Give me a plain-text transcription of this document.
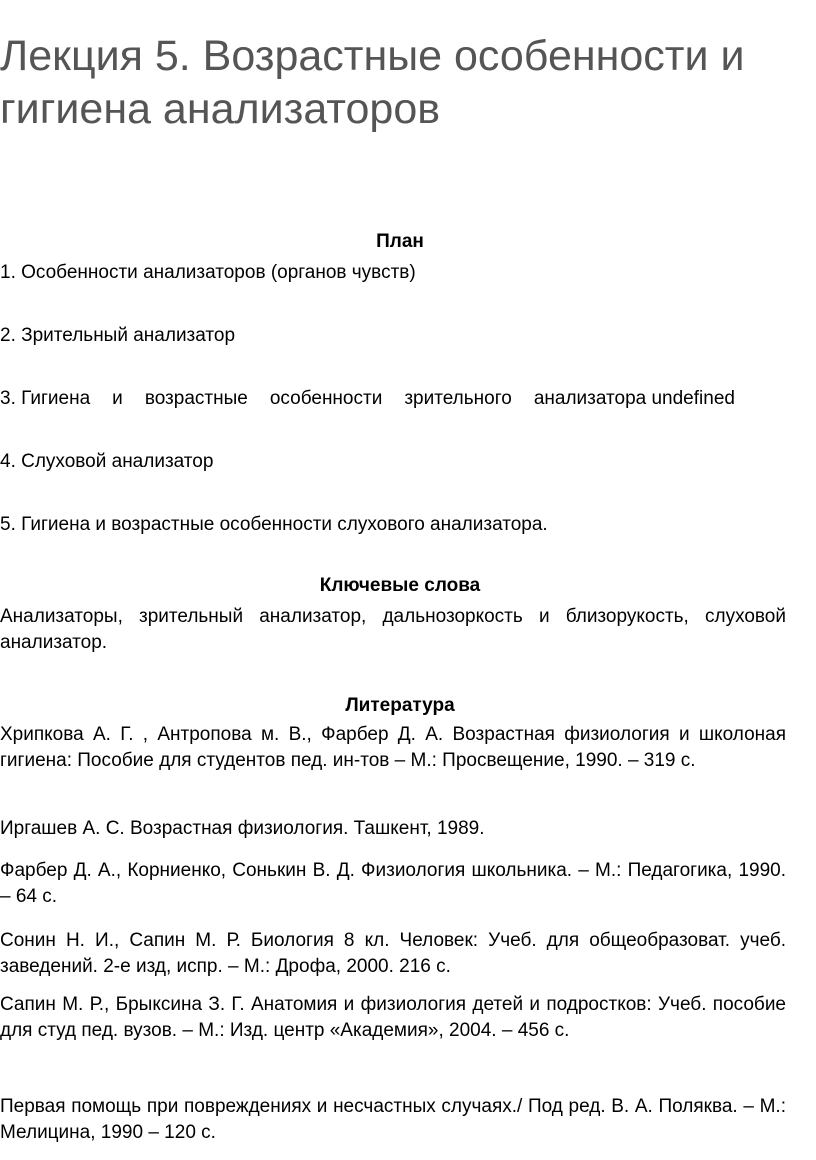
Лекция 5. Возрастные особенности и гигиена анализаторов
План
1. Особенности анализаторов (органов чувств)
2. Зрительный анализатор
3. Гигиена и возрастные особенности зрительного анализатора undefined
4. Слуховой анализатор
5. Гигиена и возрастные особенности слухового анализатора.
Ключевые слова
Анализаторы, зрительный анализатор, дальнозоркость и близорукость, слуховой анализатор.
Литература
Хрипкова А. Г. , Антропова м. В., Фарбер Д. А. Возрастная физиология и школоная гигиена: Пособие для студентов пед. ин-тов – М.: Просвещение, 1990. – 319 с.
Иргашев А. С. Возрастная физиология. Ташкент, 1989.
Фарбер Д. А., Корниенко, Сонькин В. Д. Физиология школьника. – М.: Педагогика, 1990. – 64 с.
Сонин Н. И., Сапин М. Р. Биология 8 кл. Человек: Учеб. для общеобразоват. учеб. заведений. 2-е изд, испр. – М.: Дрофа, 2000. 216 с.
Сапин М. Р., Брыксина З. Г. Анатомия и физиология детей и подростков: Учеб. пособие для студ пед. вузов. – М.: Изд. центр «Академия», 2004. – 456 с.
Первая помощь при повреждениях и несчастных случаях./ Под ред. В. А. Поляква. – М.: Мелицина, 1990 – 120 с.
